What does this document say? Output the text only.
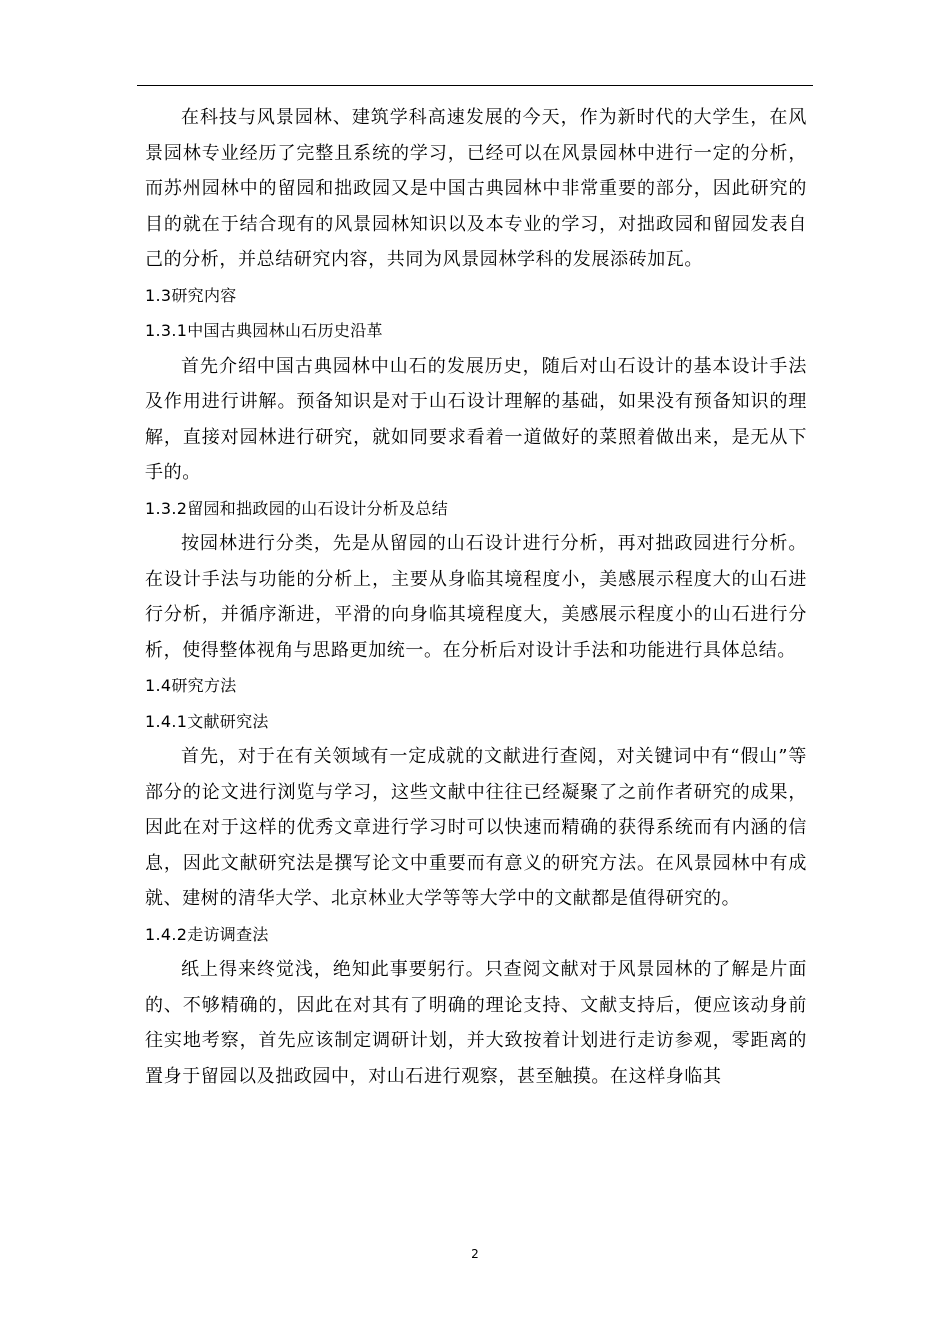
在科技与风景园林、建筑学科高速发展的今天，作为新时代的大学生，在风景园林专业经历了完整且系统的学习，已经可以在风景园林中进行一定的分析，而苏州园林中的留园和拙政园又是中国古典园林中非常重要的部分，因此研究的目的就在于结合现有的风景园林知识以及本专业的学习，对拙政园和留园发表自己的分析，并总结研究内容，共同为风景园林学科的发展添砖加瓦。

1.3研究内容
1.3.1中国古典园林山石历史沿革

首先介绍中国古典园林中山石的发展历史，随后对山石设计的基本设计手法及作用进行讲解。预备知识是对于山石设计理解的基础，如果没有预备知识的理解，直接对园林进行研究，就如同要求看着一道做好的菜照着做出来，是无从下手的。

1.3.2留园和拙政园的山石设计分析及总结

按园林进行分类，先是从留园的山石设计进行分析，再对拙政园进行分析。在设计手法与功能的分析上，主要从身临其境程度小，美感展示程度大的山石进行分析，并循序渐进，平滑的向身临其境程度大，美感展示程度小的山石进行分析，使得整体视角与思路更加统一。在分析后对设计手法和功能进行具体总结。

1.4研究方法
1.4.1文献研究法

首先，对于在有关领域有一定成就的文献进行查阅，对关键词中有“假山”等部分的论文进行浏览与学习，这些文献中往往已经凝聚了之前作者研究的成果，因此在对于这样的优秀文章进行学习时可以快速而精确的获得系统而有内涵的信息，因此文献研究法是撰写论文中重要而有意义的研究方法。在风景园林中有成就、建树的清华大学、北京林业大学等等大学中的文献都是值得研究的。

1.4.2走访调查法

纸上得来终觉浅，绝知此事要躬行。只查阅文献对于风景园林的了解是片面的、不够精确的，因此在对其有了明确的理论支持、文献支持后，便应该动身前往实地考察，首先应该制定调研计划，并大致按着计划进行走访参观，零距离的置身于留园以及拙政园中，对山石进行观察，甚至触摸。在这样身临其

2
